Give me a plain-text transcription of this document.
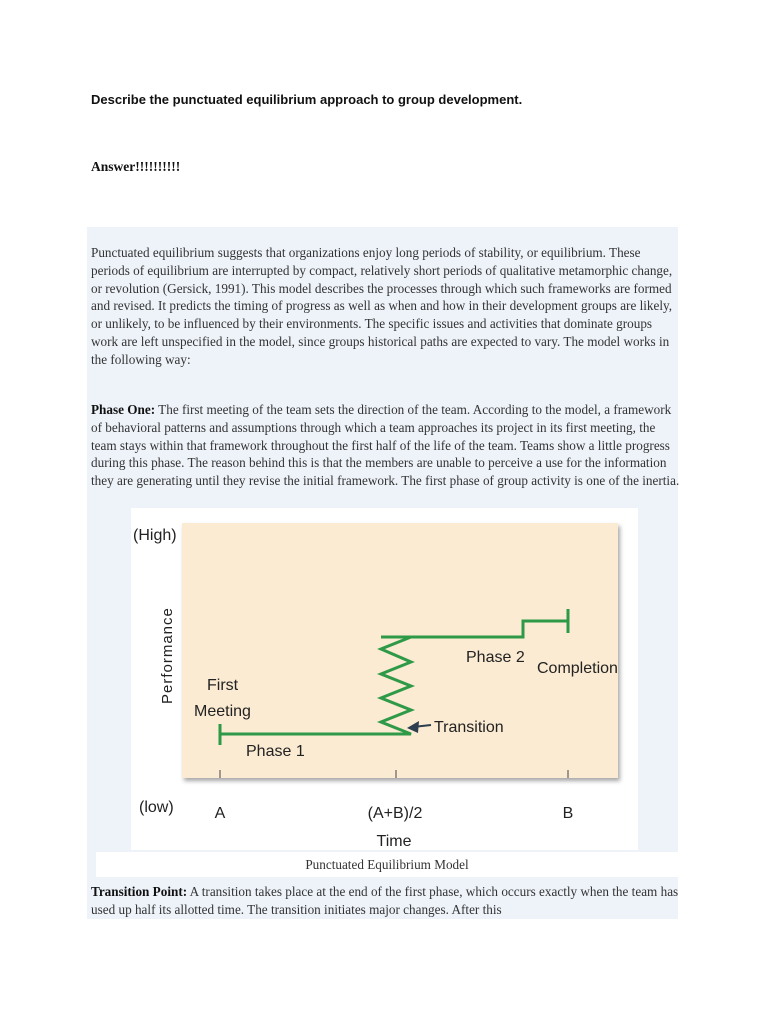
Describe the punctuated equilibrium approach to group development.

Answer!!!!!!!!!!

Punctuated equilibrium suggests that organizations enjoy long periods of stability, or equilibrium. These periods of equilibrium are interrupted by compact, relatively short periods of qualitative metamorphic change, or revolution (Gersick, 1991). This model describes the processes through which such frameworks are formed and revised. It predicts the timing of progress as well as when and how in their development groups are likely, or unlikely, to be influenced by their environments. The specific issues and activities that dominate groups work are left unspecified in the model, since groups historical paths are expected to vary. The model works in the following way:

Phase One: The first meeting of the team sets the direction of the team. According to the model, a framework of behavioral patterns and assumptions through which a team approaches its project in its first meeting, the team stays within that framework throughout the first half of the life of the team. Teams show a little progress during this phase. The reason behind this is that the members are unable to perceive a use for the information they are generating until they revise the initial framework. The first phase of group activity is one of the inertia.

(High)
(low)
Performance
A	(A+B)/2	B
Time
First
Meeting
Phase 1
Transition
Phase 2
Completion

Punctuated Equilibrium Model

Transition Point: A transition takes place at the end of the first phase, which occurs exactly when the team has used up half its allotted time. The transition initiates major changes. After this
